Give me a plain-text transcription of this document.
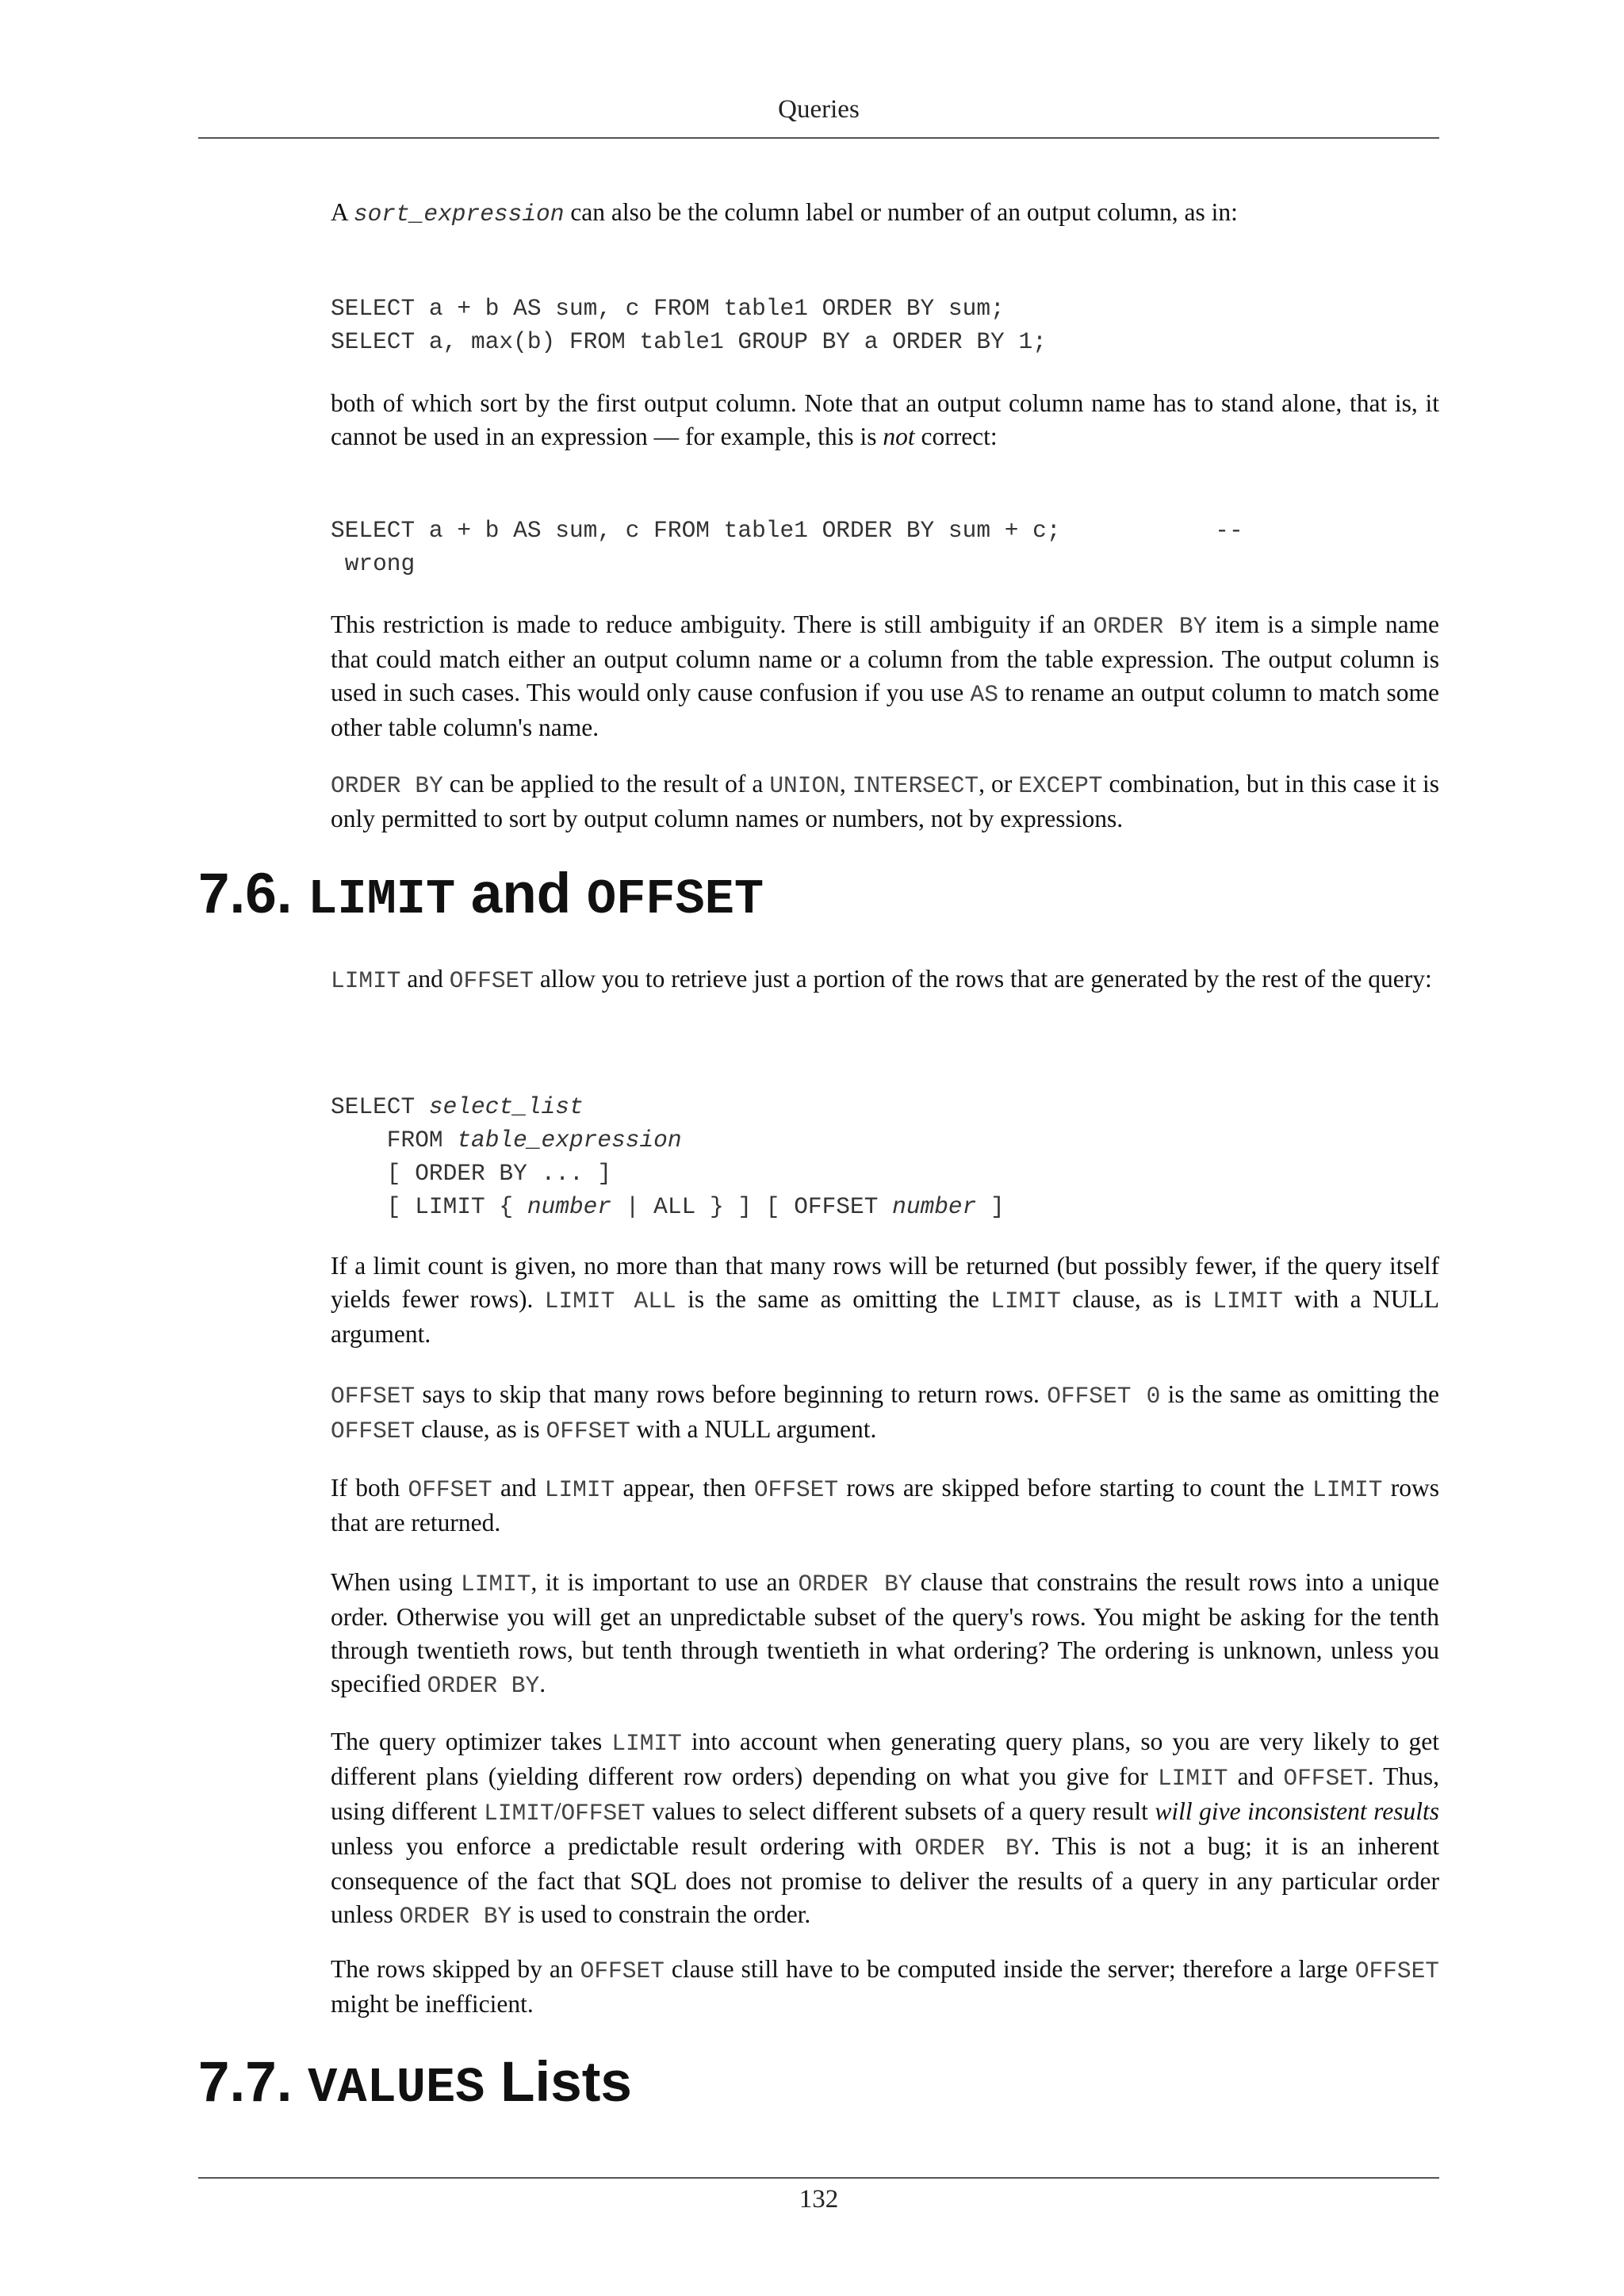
Queries
A sort_expression can also be the column label or number of an output column, as in:
SELECT a + b AS sum, c FROM table1 ORDER BY sum;
SELECT a, max(b) FROM table1 GROUP BY a ORDER BY 1;
both of which sort by the first output column. Note that an output column name has to stand alone, that is, it cannot be used in an expression — for example, this is not correct:
SELECT a + b AS sum, c FROM table1 ORDER BY sum + c;           --
wrong
This restriction is made to reduce ambiguity. There is still ambiguity if an ORDER BY item is a simple name that could match either an output column name or a column from the table expression. The output column is used in such cases. This would only cause confusion if you use AS to rename an output column to match some other table column's name.
ORDER BY can be applied to the result of a UNION, INTERSECT, or EXCEPT combination, but in this case it is only permitted to sort by output column names or numbers, not by expressions.
7.6. LIMIT and OFFSET
LIMIT and OFFSET allow you to retrieve just a portion of the rows that are generated by the rest of the query:
SELECT select_list
FROM table_expression
[ ORDER BY ... ]
[ LIMIT { number | ALL } ] [ OFFSET number ]
If a limit count is given, no more than that many rows will be returned (but possibly fewer, if the query itself yields fewer rows). LIMIT ALL is the same as omitting the LIMIT clause, as is LIMIT with a NULL argument.
OFFSET says to skip that many rows before beginning to return rows. OFFSET 0 is the same as omitting the OFFSET clause, as is OFFSET with a NULL argument.
If both OFFSET and LIMIT appear, then OFFSET rows are skipped before starting to count the LIMIT rows that are returned.
When using LIMIT, it is important to use an ORDER BY clause that constrains the result rows into a unique order. Otherwise you will get an unpredictable subset of the query's rows. You might be asking for the tenth through twentieth rows, but tenth through twentieth in what ordering? The ordering is unknown, unless you specified ORDER BY.
The query optimizer takes LIMIT into account when generating query plans, so you are very likely to get different plans (yielding different row orders) depending on what you give for LIMIT and OFFSET. Thus, using different LIMIT/OFFSET values to select different subsets of a query result will give inconsistent results unless you enforce a predictable result ordering with ORDER BY. This is not a bug; it is an inherent consequence of the fact that SQL does not promise to deliver the results of a query in any particular order unless ORDER BY is used to constrain the order.
The rows skipped by an OFFSET clause still have to be computed inside the server; therefore a large OFFSET might be inefficient.
7.7. VALUES Lists
132
